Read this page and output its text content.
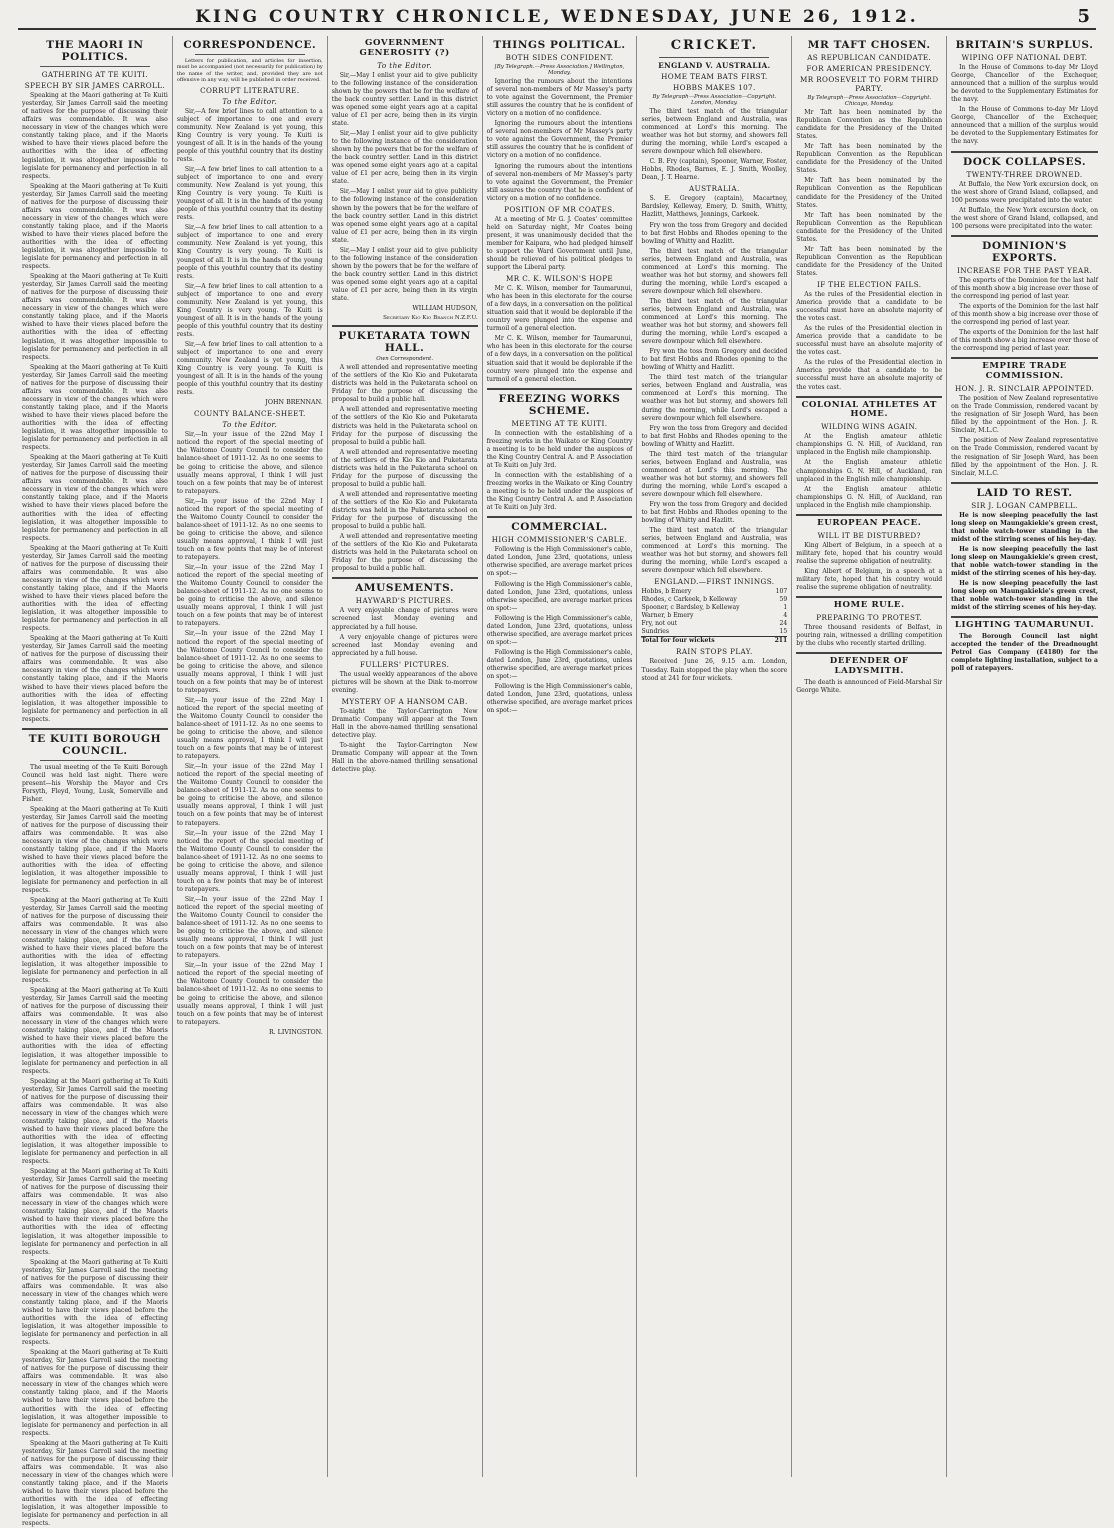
KING COUNTRY CHRONICLE, WEDNESDAY, JUNE 26, 1912.	5
THE MAORI IN POLITICS.
GATHERING AT TE KUITI.
SPEECH BY SIR JAMES CARROLL.

Speaking at the Maori gathering at Te Kuiti yesterday, Sir James Carroll said the meeting of natives for the purpose of discussing their affairs was commendable. It was also necessary in view of the changes which were constantly taking place, and if the Maoris wished to have their views placed before the authorities with the idea of effecting legislation, it was altogether impossible to legislate for permanency and perfection in all respects.

Speaking at the Maori gathering at Te Kuiti yesterday, Sir James Carroll said the meeting of natives for the purpose of discussing their affairs was commendable. It was also necessary in view of the changes which were constantly taking place, and if the Maoris wished to have their views placed before the authorities with the idea of effecting legislation, it was altogether impossible to legislate for permanency and perfection in all respects.

Speaking at the Maori gathering at Te Kuiti yesterday, Sir James Carroll said the meeting of natives for the purpose of discussing their affairs was commendable. It was also necessary in view of the changes which were constantly taking place, and if the Maoris wished to have their views placed before the authorities with the idea of effecting legislation, it was altogether impossible to legislate for permanency and perfection in all respects.

Speaking at the Maori gathering at Te Kuiti yesterday, Sir James Carroll said the meeting of natives for the purpose of discussing their affairs was commendable. It was also necessary in view of the changes which were constantly taking place, and if the Maoris wished to have their views placed before the authorities with the idea of effecting legislation, it was altogether impossible to legislate for permanency and perfection in all respects.

Speaking at the Maori gathering at Te Kuiti yesterday, Sir James Carroll said the meeting of natives for the purpose of discussing their affairs was commendable. It was also necessary in view of the changes which were constantly taking place, and if the Maoris wished to have their views placed before the authorities with the idea of effecting legislation, it was altogether impossible to legislate for permanency and perfection in all respects.

Speaking at the Maori gathering at Te Kuiti yesterday, Sir James Carroll said the meeting of natives for the purpose of discussing their affairs was commendable. It was also necessary in view of the changes which were constantly taking place, and if the Maoris wished to have their views placed before the authorities with the idea of effecting legislation, it was altogether impossible to legislate for permanency and perfection in all respects.

Speaking at the Maori gathering at Te Kuiti yesterday, Sir James Carroll said the meeting of natives for the purpose of discussing their affairs was commendable. It was also necessary in view of the changes which were constantly taking place, and if the Maoris wished to have their views placed before the authorities with the idea of effecting legislation, it was altogether impossible to legislate for permanency and perfection in all respects.

TE KUITI BOROUGH COUNCIL.

The usual meeting of the Te Kuiti Borough Council was held last night. There were present—his Worship the Mayor and Crs Forsyth, Fleyd, Young, Lusk, Somerville and Fisher.

Speaking at the Maori gathering at Te Kuiti yesterday, Sir James Carroll said the meeting of natives for the purpose of discussing their affairs was commendable. It was also necessary in view of the changes which were constantly taking place, and if the Maoris wished to have their views placed before the authorities with the idea of effecting legislation, it was altogether impossible to legislate for permanency and perfection in all respects.

Speaking at the Maori gathering at Te Kuiti yesterday, Sir James Carroll said the meeting of natives for the purpose of discussing their affairs was commendable. It was also necessary in view of the changes which were constantly taking place, and if the Maoris wished to have their views placed before the authorities with the idea of effecting legislation, it was altogether impossible to legislate for permanency and perfection in all respects.

Speaking at the Maori gathering at Te Kuiti yesterday, Sir James Carroll said the meeting of natives for the purpose of discussing their affairs was commendable. It was also necessary in view of the changes which were constantly taking place, and if the Maoris wished to have their views placed before the authorities with the idea of effecting legislation, it was altogether impossible to legislate for permanency and perfection in all respects.

Speaking at the Maori gathering at Te Kuiti yesterday, Sir James Carroll said the meeting of natives for the purpose of discussing their affairs was commendable. It was also necessary in view of the changes which were constantly taking place, and if the Maoris wished to have their views placed before the authorities with the idea of effecting legislation, it was altogether impossible to legislate for permanency and perfection in all respects.

Speaking at the Maori gathering at Te Kuiti yesterday, Sir James Carroll said the meeting of natives for the purpose of discussing their affairs was commendable. It was also necessary in view of the changes which were constantly taking place, and if the Maoris wished to have their views placed before the authorities with the idea of effecting legislation, it was altogether impossible to legislate for permanency and perfection in all respects.

Speaking at the Maori gathering at Te Kuiti yesterday, Sir James Carroll said the meeting of natives for the purpose of discussing their affairs was commendable. It was also necessary in view of the changes which were constantly taking place, and if the Maoris wished to have their views placed before the authorities with the idea of effecting legislation, it was altogether impossible to legislate for permanency and perfection in all respects.

Speaking at the Maori gathering at Te Kuiti yesterday, Sir James Carroll said the meeting of natives for the purpose of discussing their affairs was commendable. It was also necessary in view of the changes which were constantly taking place, and if the Maoris wished to have their views placed before the authorities with the idea of effecting legislation, it was altogether impossible to legislate for permanency and perfection in all respects.

Speaking at the Maori gathering at Te Kuiti yesterday, Sir James Carroll said the meeting of natives for the purpose of discussing their affairs was commendable. It was also necessary in view of the changes which were constantly taking place, and if the Maoris wished to have their views placed before the authorities with the idea of effecting legislation, it was altogether impossible to legislate for permanency and perfection in all respects.

CORRESPONDENCE.

Letters for publication, and articles for insertion, must be accompanied (not necessarily for publication) by the name of the writer, and, provided they are not offensive in any way, will be published in order received.

CORRUPT LITERATURE.
To the Editor.

Sir,—A few brief lines to call attention to a subject of importance to one and every community. New Zealand is yet young, this King Country is very young. Te Kuiti is youngest of all. It is in the hands of the young people of this youthful country that its destiny rests.

Sir,—A few brief lines to call attention to a subject of importance to one and every community. New Zealand is yet young, this King Country is very young. Te Kuiti is youngest of all. It is in the hands of the young people of this youthful country that its destiny rests.

Sir,—A few brief lines to call attention to a subject of importance to one and every community. New Zealand is yet young, this King Country is very young. Te Kuiti is youngest of all. It is in the hands of the young people of this youthful country that its destiny rests.

Sir,—A few brief lines to call attention to a subject of importance to one and every community. New Zealand is yet young, this King Country is very young. Te Kuiti is youngest of all. It is in the hands of the young people of this youthful country that its destiny rests.

Sir,—A few brief lines to call attention to a subject of importance to one and every community. New Zealand is yet young, this King Country is very young. Te Kuiti is youngest of all. It is in the hands of the young people of this youthful country that its destiny rests.

JOHN BRENNAN.
COUNTY BALANCE-SHEET.
To the Editor.

Sir,—In your issue of the 22nd May I noticed the report of the special meeting of the Waitomo County Council to consider the balance-sheet of 1911-12. As no one seems to be going to criticise the above, and silence usually means approval, I think I will just touch on a few points that may be of interest to ratepayers.

Sir,—In your issue of the 22nd May I noticed the report of the special meeting of the Waitomo County Council to consider the balance-sheet of 1911-12. As no one seems to be going to criticise the above, and silence usually means approval, I think I will just touch on a few points that may be of interest to ratepayers.

Sir,—In your issue of the 22nd May I noticed the report of the special meeting of the Waitomo County Council to consider the balance-sheet of 1911-12. As no one seems to be going to criticise the above, and silence usually means approval, I think I will just touch on a few points that may be of interest to ratepayers.

Sir,—In your issue of the 22nd May I noticed the report of the special meeting of the Waitomo County Council to consider the balance-sheet of 1911-12. As no one seems to be going to criticise the above, and silence usually means approval, I think I will just touch on a few points that may be of interest to ratepayers.

Sir,—In your issue of the 22nd May I noticed the report of the special meeting of the Waitomo County Council to consider the balance-sheet of 1911-12. As no one seems to be going to criticise the above, and silence usually means approval, I think I will just touch on a few points that may be of interest to ratepayers.

Sir,—In your issue of the 22nd May I noticed the report of the special meeting of the Waitomo County Council to consider the balance-sheet of 1911-12. As no one seems to be going to criticise the above, and silence usually means approval, I think I will just touch on a few points that may be of interest to ratepayers.

Sir,—In your issue of the 22nd May I noticed the report of the special meeting of the Waitomo County Council to consider the balance-sheet of 1911-12. As no one seems to be going to criticise the above, and silence usually means approval, I think I will just touch on a few points that may be of interest to ratepayers.

Sir,—In your issue of the 22nd May I noticed the report of the special meeting of the Waitomo County Council to consider the balance-sheet of 1911-12. As no one seems to be going to criticise the above, and silence usually means approval, I think I will just touch on a few points that may be of interest to ratepayers.

Sir,—In your issue of the 22nd May I noticed the report of the special meeting of the Waitomo County Council to consider the balance-sheet of 1911-12. As no one seems to be going to criticise the above, and silence usually means approval, I think I will just touch on a few points that may be of interest to ratepayers.

R. LIVINGSTON.
GOVERNMENT GENEROSITY (?)
To the Editor.

Sir,—May I enlist your aid to give publicity to the following instance of the consideration shown by the powers that be for the welfare of the back country settler. Land in this district was opened some eight years ago at a capital value of £1 per acre, being then in its virgin state.

Sir,—May I enlist your aid to give publicity to the following instance of the consideration shown by the powers that be for the welfare of the back country settler. Land in this district was opened some eight years ago at a capital value of £1 per acre, being then in its virgin state.

Sir,—May I enlist your aid to give publicity to the following instance of the consideration shown by the powers that be for the welfare of the back country settler. Land in this district was opened some eight years ago at a capital value of £1 per acre, being then in its virgin state.

Sir,—May I enlist your aid to give publicity to the following instance of the consideration shown by the powers that be for the welfare of the back country settler. Land in this district was opened some eight years ago at a capital value of £1 per acre, being then in its virgin state.

WILLIAM HUDSON,
Secretary Kio Kio Branch N.Z.F.U.
PUKETARATA TOWN HALL.
Own Correspondent.

A well attended and representative meeting of the settlers of the Kio Kio and Puketarata districts was held in the Puketarata school on Friday for the purpose of discussing the proposal to build a public hall.

A well attended and representative meeting of the settlers of the Kio Kio and Puketarata districts was held in the Puketarata school on Friday for the purpose of discussing the proposal to build a public hall.

A well attended and representative meeting of the settlers of the Kio Kio and Puketarata districts was held in the Puketarata school on Friday for the purpose of discussing the proposal to build a public hall.

A well attended and representative meeting of the settlers of the Kio Kio and Puketarata districts was held in the Puketarata school on Friday for the purpose of discussing the proposal to build a public hall.

A well attended and representative meeting of the settlers of the Kio Kio and Puketarata districts was held in the Puketarata school on Friday for the purpose of discussing the proposal to build a public hall.

AMUSEMENTS.
HAYWARD'S PICTURES.

A very enjoyable change of pictures were screened last Monday evening and appreciated by a full house.

A very enjoyable change of pictures were screened last Monday evening and appreciated by a full house.

FULLERS' PICTURES.

The usual weekly appearances of the above pictures will be shown at the Dink to-morrow evening.

MYSTERY OF A HANSOM CAB.

To-night the Taylor-Carrington New Dramatic Company will appear at the Town Hall in the above-named thrilling sensational detective play.

To-night the Taylor-Carrington New Dramatic Company will appear at the Town Hall in the above-named thrilling sensational detective play.

THINGS POLITICAL.
BOTH SIDES CONFIDENT.
[By Telegraph.—Press Association.] Wellington, Monday.

Ignoring the rumours about the intentions of several non-members of Mr Massey's party to vote against the Government, the Premier still assures the country that he is confident of victory on a motion of no confidence.

Ignoring the rumours about the intentions of several non-members of Mr Massey's party to vote against the Government, the Premier still assures the country that he is confident of victory on a motion of no confidence.

Ignoring the rumours about the intentions of several non-members of Mr Massey's party to vote against the Government, the Premier still assures the country that he is confident of victory on a motion of no confidence.

POSITION OF MR COATES.

At a meeting of Mr G. J. Coates' committee held on Saturday night, Mr Coates being present, it was unanimously decided that the member for Kaipara, who had pledged himself to support the Ward Government until June, should be relieved of his political pledges to support the Liberal party.

MR C. K. WILSON'S HOPE

Mr C. K. Wilson, member for Taumarunui, who has been in this electorate for the course of a few days, in a conversation on the political situation said that it would be deplorable if the country were plunged into the expense and turmoil of a general election.

Mr C. K. Wilson, member for Taumarunui, who has been in this electorate for the course of a few days, in a conversation on the political situation said that it would be deplorable if the country were plunged into the expense and turmoil of a general election.

FREEZING WORKS SCHEME.
MEETING AT TE KUITI.

In connection with the establishing of a freezing works in the Waikato or King Country a meeting is to be held under the auspices of the King Country Central A. and P. Association at Te Kuiti on July 3rd.

In connection with the establishing of a freezing works in the Waikato or King Country a meeting is to be held under the auspices of the King Country Central A. and P. Association at Te Kuiti on July 3rd.

COMMERCIAL.
HIGH COMMISSIONER'S CABLE.

Following is the High Commissioner's cable, dated London, June 23rd, quotations, unless otherwise specified, are average market prices on spot:—

Following is the High Commissioner's cable, dated London, June 23rd, quotations, unless otherwise specified, are average market prices on spot:—

Following is the High Commissioner's cable, dated London, June 23rd, quotations, unless otherwise specified, are average market prices on spot:—

Following is the High Commissioner's cable, dated London, June 23rd, quotations, unless otherwise specified, are average market prices on spot:—

Following is the High Commissioner's cable, dated London, June 23rd, quotations, unless otherwise specified, are average market prices on spot:—

CRICKET.
ENGLAND V. AUSTRALIA.
HOME TEAM BATS FIRST.
HOBBS MAKES 107.
By Telegraph—Press Association—Copyright. London, Monday.

The third test match of the triangular series, between England and Australia, was commenced at Lord's this morning. The weather was hot but stormy, and showers fell during the morning, while Lord's escaped a severe downpour which fell elsewhere.

C. B. Fry (captain), Spooner, Warner, Foster, Hobbs, Rhodes, Barnes, E. J. Smith, Woolley, Dean, J. T. Hearne.

AUSTRALIA.

S. E. Gregory (captain), Macartney, Bardsley, Kelleway, Emery, D. Smith, Whitty, Hazlitt, Matthews, Jennings, Carkeek.

Fry won the toss from Gregory and decided to bat first Hobbs and Rhodes opening to the bowling of Whitty and Hazlitt.

The third test match of the triangular series, between England and Australia, was commenced at Lord's this morning. The weather was hot but stormy, and showers fell during the morning, while Lord's escaped a severe downpour which fell elsewhere.

The third test match of the triangular series, between England and Australia, was commenced at Lord's this morning. The weather was hot but stormy, and showers fell during the morning, while Lord's escaped a severe downpour which fell elsewhere.

Fry won the toss from Gregory and decided to bat first Hobbs and Rhodes opening to the bowling of Whitty and Hazlitt.

The third test match of the triangular series, between England and Australia, was commenced at Lord's this morning. The weather was hot but stormy, and showers fell during the morning, while Lord's escaped a severe downpour which fell elsewhere.

Fry won the toss from Gregory and decided to bat first Hobbs and Rhodes opening to the bowling of Whitty and Hazlitt.

The third test match of the triangular series, between England and Australia, was commenced at Lord's this morning. The weather was hot but stormy, and showers fell during the morning, while Lord's escaped a severe downpour which fell elsewhere.

Fry won the toss from Gregory and decided to bat first Hobbs and Rhodes opening to the bowling of Whitty and Hazlitt.

The third test match of the triangular series, between England and Australia, was commenced at Lord's this morning. The weather was hot but stormy, and showers fell during the morning, while Lord's escaped a severe downpour which fell elsewhere.

ENGLAND.—FIRST INNINGS.
Hobbs, b Emery	107
Rhodes, c Carkeek, b Kelleway	59
Spooner, c Bardsley, b Kelleway	1
Warner, b Emery	4
Fry, not out	24
Sundries	15
Total for four wickets	211
RAIN STOPS PLAY.

Received June 26, 9.15 a.m. London, Tuesday. Rain stopped the play when the score stood at 241 for four wickets.

MR TAFT CHOSEN.
AS REPUBLICAN CANDIDATE.
FOR AMERICAN PRESIDENCY.
MR ROOSEVELT TO FORM THIRD PARTY.
By Telegraph—Press Association—Copyright. Chicago, Monday.

Mr Taft has been nominated by the Republican Convention as the Republican candidate for the Presidency of the United States.

Mr Taft has been nominated by the Republican Convention as the Republican candidate for the Presidency of the United States.

Mr Taft has been nominated by the Republican Convention as the Republican candidate for the Presidency of the United States.

Mr Taft has been nominated by the Republican Convention as the Republican candidate for the Presidency of the United States.

Mr Taft has been nominated by the Republican Convention as the Republican candidate for the Presidency of the United States.

IF THE ELECTION FAILS.

As the rules of the Presidential election in America provide that a candidate to be successful must have an absolute majority of the votes cast.

As the rules of the Presidential election in America provide that a candidate to be successful must have an absolute majority of the votes cast.

As the rules of the Presidential election in America provide that a candidate to be successful must have an absolute majority of the votes cast.

COLONIAL ATHLETES AT HOME.
WILDING WINS AGAIN.

At the English amateur athletic championships G. N. Hill, of Auckland, ran unplaced in the English mile championship.

At the English amateur athletic championships G. N. Hill, of Auckland, ran unplaced in the English mile championship.

At the English amateur athletic championships G. N. Hill, of Auckland, ran unplaced in the English mile championship.

EUROPEAN PEACE.
WILL IT BE DISTURBED?

King Albert of Belgium, in a speech at a military fete, hoped that his country would realise the supreme obligation of neutrality.

King Albert of Belgium, in a speech at a military fete, hoped that his country would realise the supreme obligation of neutrality.

HOME RULE.
PREPARING TO PROTEST.

Three thousand residents of Belfast, in pouring rain, witnessed a drilling competition by the clubs who recently started drilling.

DEFENDER OF LADYSMITH.

The death is announced of Field-Marshal Sir George White.

BRITAIN'S SURPLUS.
WIPING OFF NATIONAL DEBT.

In the House of Commons to-day Mr Lloyd George, Chancellor of the Exchequer, announced that a million of the surplus would be devoted to the Supplementary Estimates for the navy.

In the House of Commons to-day Mr Lloyd George, Chancellor of the Exchequer, announced that a million of the surplus would be devoted to the Supplementary Estimates for the navy.

DOCK COLLAPSES.
TWENTY-THREE DROWNED.

At Buffalo, the New York excursion dock, on the west shore of Grand Island, collapsed, and 100 persons were precipitated into the water.

At Buffalo, the New York excursion dock, on the west shore of Grand Island, collapsed, and 100 persons were precipitated into the water.

DOMINION'S EXPORTS.
INCREASE FOR THE PAST YEAR.

The exports of the Dominion for the last half of this month show a big increase over those of the correspond ing period of last year.

The exports of the Dominion for the last half of this month show a big increase over those of the correspond ing period of last year.

The exports of the Dominion for the last half of this month show a big increase over those of the correspond ing period of last year.

EMPIRE TRADE COMMISSION.
HON. J. R. SINCLAIR APPOINTED.

The position of New Zealand representative on the Trade Commission, rendered vacant by the resignation of Sir Joseph Ward, has been filled by the appointment of the Hon. J. R. Sinclair, M.L.C.

The position of New Zealand representative on the Trade Commission, rendered vacant by the resignation of Sir Joseph Ward, has been filled by the appointment of the Hon. J. R. Sinclair, M.L.C.

LAID TO REST.
SIR J. LOGAN CAMPBELL.

He is now sleeping peacefully the last long sleep on Maungakiekie's green crest, that noble watch-tower standing in the midst of the stirring scenes of his hey-day.

He is now sleeping peacefully the last long sleep on Maungakiekie's green crest, that noble watch-tower standing in the midst of the stirring scenes of his hey-day.

He is now sleeping peacefully the last long sleep on Maungakiekie's green crest, that noble watch-tower standing in the midst of the stirring scenes of his hey-day.

LIGHTING TAUMARUNUI.

The Borough Council last night accepted the tender of the Dreadnought Petrol Gas Company (£4180) for the complete lighting installation, subject to a poll of ratepayers.
